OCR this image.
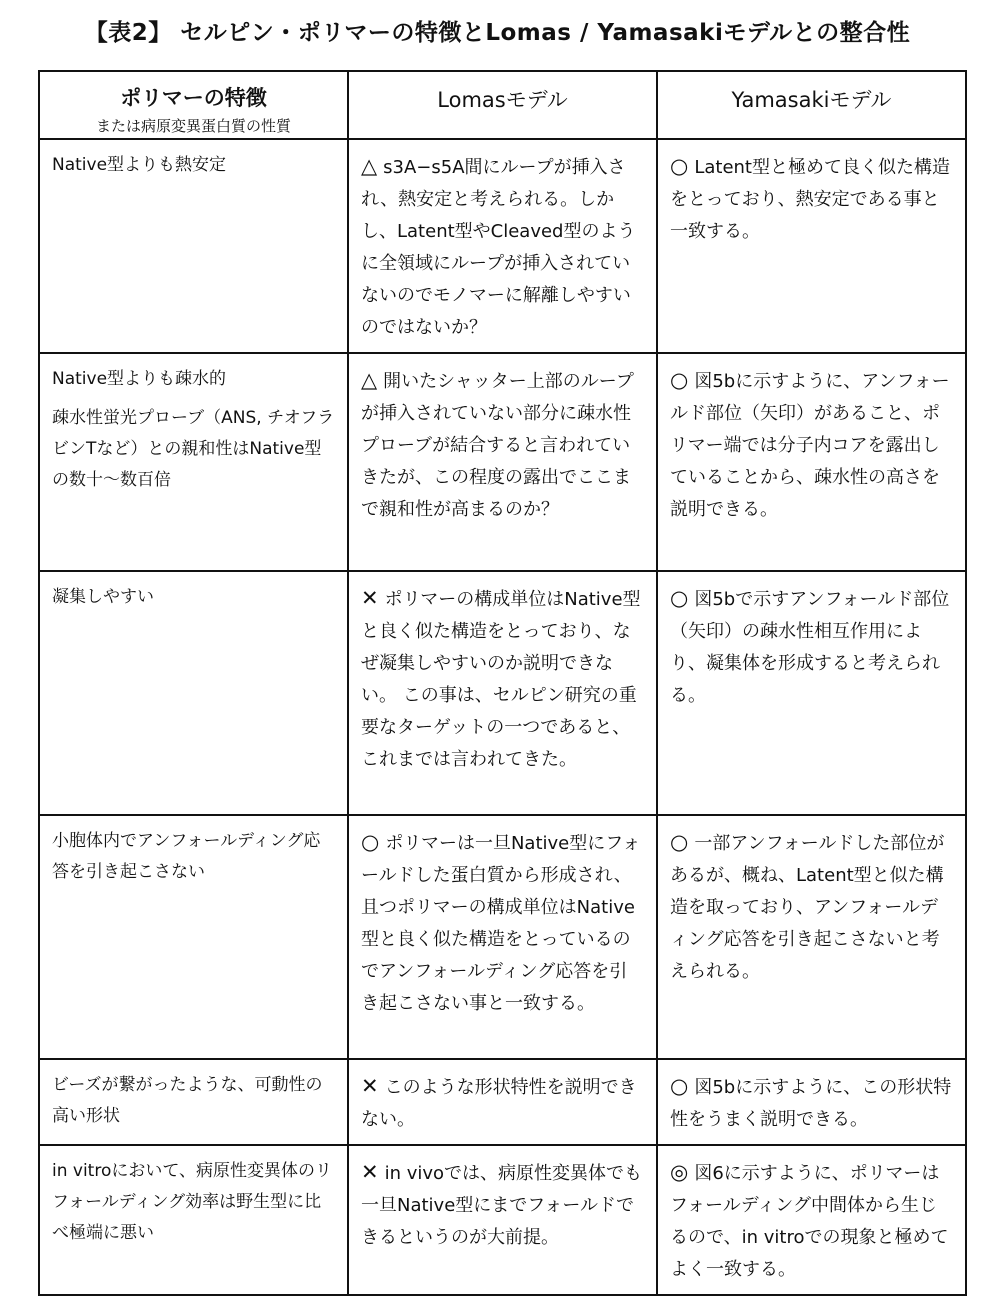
【表2】 セルピン・ポリマーの特徴とLomas / Yamasakiモデルとの整合性
ポリマーの特徴
または病原変異蛋白質の性質	Lomasモデル	Yamasakiモデル

Native型よりも熱安定	△ s3A−s5A間にループが挿入され、熱安定と考えられる。しかし、Latent型やCleaved型のように全領域にループが挿入されていないのでモノマーに解離しやすいのではないか？	○ Latent型と極めて良く似た構造をとっており、熱安定である事と一致する。

Native型よりも疎水的
疎水性蛍光プローブ（ANS, チオフラビンTなど）との親和性はNative型の数十〜数百倍	△ 開いたシャッター上部のループが挿入されていない部分に疎水性プローブが結合すると言われていきたが、この程度の露出でここまで親和性が高まるのか？	○ 図5bに示すように、アンフォールド部位（矢印）があること、ポリマー端では分子内コアを露出していることから、疎水性の高さを説明できる。

凝集しやすい	✕ ポリマーの構成単位はNative型と良く似た構造をとっており、なぜ凝集しやすいのか説明できない。 この事は、セルピン研究の重要なターゲットの一つであると、これまでは言われてきた。	○ 図5bで示すアンフォールド部位（矢印）の疎水性相互作用により、凝集体を形成すると考えられる。

小胞体内でアンフォールディング応答を引き起こさない	○ ポリマーは一旦Native型にフォールドした蛋白質から形成され、且つポリマーの構成単位はNative型と良く似た構造をとっているのでアンフォールディング応答を引き起こさない事と一致する。	○ 一部アンフォールドした部位があるが、概ね、Latent型と似た構造を取っており、アンフォールディング応答を引き起こさないと考えられる。

ビーズが繋がったような、可動性の高い形状	✕ このような形状特性を説明できない。	○ 図5bに示すように、この形状特性をうまく説明できる。

in vitroにおいて、病原性変異体のリフォールディング効率は野生型に比べ極端に悪い	✕ in vivoでは、病原性変異体でも一旦Native型にまでフォールドできるというのが大前提。	◎ 図6に示すように、ポリマーはフォールディング中間体から生じるので、in vitroでの現象と極めてよく一致する。
